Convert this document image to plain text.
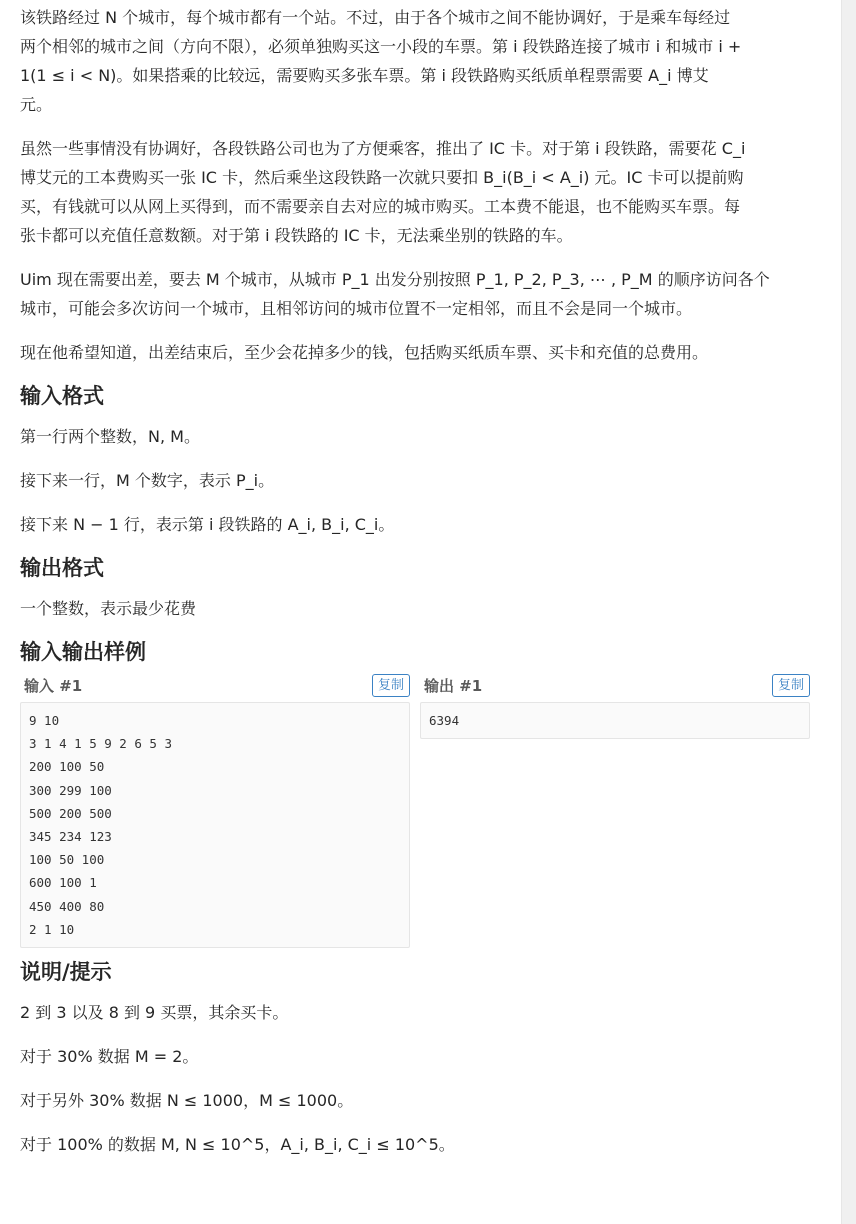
该铁路经过 N 个城市，每个城市都有一个站。不过，由于各个城市之间不能协调好，于是乘车每经过

两个相邻的城市之间（方向不限），必须单独购买这一小段的车票。第 i 段铁路连接了城市 i 和城市 i +

1(1 ≤ i < N)。如果搭乘的比较远，需要购买多张车票。第 i 段铁路购买纸质单程票需要 A_i 博艾

元。

虽然一些事情没有协调好，各段铁路公司也为了方便乘客，推出了 IC 卡。对于第 i 段铁路，需要花 C_i

博艾元的工本费购买一张 IC 卡，然后乘坐这段铁路一次就只要扣 B_i(B_i < A_i) 元。IC 卡可以提前购

买，有钱就可以从网上买得到，而不需要亲自去对应的城市购买。工本费不能退，也不能购买车票。每

张卡都可以充值任意数额。对于第 i 段铁路的 IC 卡，无法乘坐别的铁路的车。

Uim 现在需要出差，要去 M 个城市，从城市 P_1 出发分别按照 P_1, P_2, P_3, ⋯ , P_M 的顺序访问各个

城市，可能会多次访问一个城市，且相邻访问的城市位置不一定相邻，而且不会是同一个城市。

现在他希望知道，出差结束后，至少会花掉多少的钱，包括购买纸质车票、买卡和充值的总费用。

输入格式

第一行两个整数，N, M。

接下来一行，M 个数字，表示 P_i。

接下来 N − 1 行，表示第 i 段铁路的 A_i, B_i, C_i。

输出格式

一个整数，表示最少花费

输入输出样例
输入 #1	复制
9 10
3 1 4 1 5 9 2 6 5 3
200 100 50
300 299 100
500 200 500
345 234 123
100 50 100
600 100 1
450 400 80
2 1 10
输出 #1	复制
6394
说明/提示

2 到 3 以及 8 到 9 买票，其余买卡。

对于 30% 数据 M = 2。

对于另外 30% 数据 N ≤ 1000，M ≤ 1000。

对于 100% 的数据 M, N ≤ 10^5，A_i, B_i, C_i ≤ 10^5。
